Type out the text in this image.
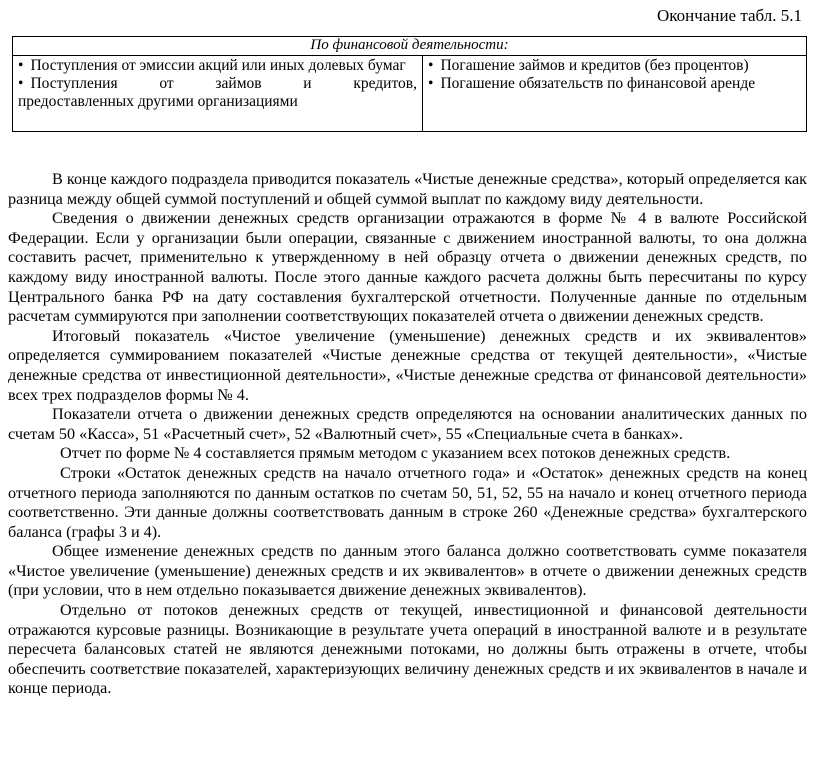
Окончание табл. 5.1
По финансовой деятельности:

• Поступления от эмиссии акций или иных долевых бумаг
• Поступления от займов и кредитов,
предоставленных другими организациями

• Погашение займов и кредитов (без процентов)
• Погашение обязательств по финансовой аренде

В конце каждого подраздела приводится показатель «Чистые денежные средства», который определяется как разница между общей суммой поступлений и общей суммой выплат по каждому виду деятельности.

Сведения о движении денежных средств организации отражаются в форме № 4 в валюте Российской Федерации. Если у организации были операции, связанные с движением иностранной валюты, то она должна составить расчет, применительно к утвержденному в ней образцу отчета о движении денежных средств, по каждому виду иностранной валюты. После этого данные каждого расчета должны быть пересчитаны по курсу Центрального банка РФ на дату составления бухгалтерской отчетности. Полученные данные по отдельным расчетам суммируются при заполнении соответствующих показателей отчета о движении денежных средств.

Итоговый показатель «Чистое увеличение (уменьшение) денежных средств и их эквивалентов» определяется суммированием показателей «Чистые денежные средства от текущей деятельности», «Чистые денежные средства от инвестиционной деятельности», «Чистые денежные средства от финансовой деятельности» всех трех подразделов формы № 4.

Показатели отчета о движении денежных средств определяются на основании аналитических данных по счетам 50 «Касса», 51 «Расчетный счет», 52 «Валютный счет», 55 «Специальные счета в банках».

Отчет по форме № 4 составляется прямым методом с указанием всех потоков денежных средств.

Строки «Остаток денежных средств на начало отчетного года» и «Остаток» денежных средств на конец отчетного периода заполняются по данным остатков по счетам 50, 51, 52, 55 на начало и конец отчетного периода соответственно. Эти данные должны соответствовать данным в строке 260 «Денежные средства» бухгалтерского баланса (графы 3 и 4).

Общее изменение денежных средств по данным этого баланса должно соответствовать сумме показателя «Чистое увеличение (уменьшение) денежных средств и их эквивалентов» в отчете о движении денежных средств (при условии, что в нем отдельно показывается движение денежных эквивалентов).

Отдельно от потоков денежных средств от текущей, инвестиционной и финансовой деятельности отражаются курсовые разницы. Возникающие в результате учета операций в иностранной валюте и в результате пересчета балансовых статей не являются денежными потоками, но должны быть отражены в отчете, чтобы обеспечить соответствие показателей, характеризующих величину денежных средств и их эквивалентов в начале и конце периода.
